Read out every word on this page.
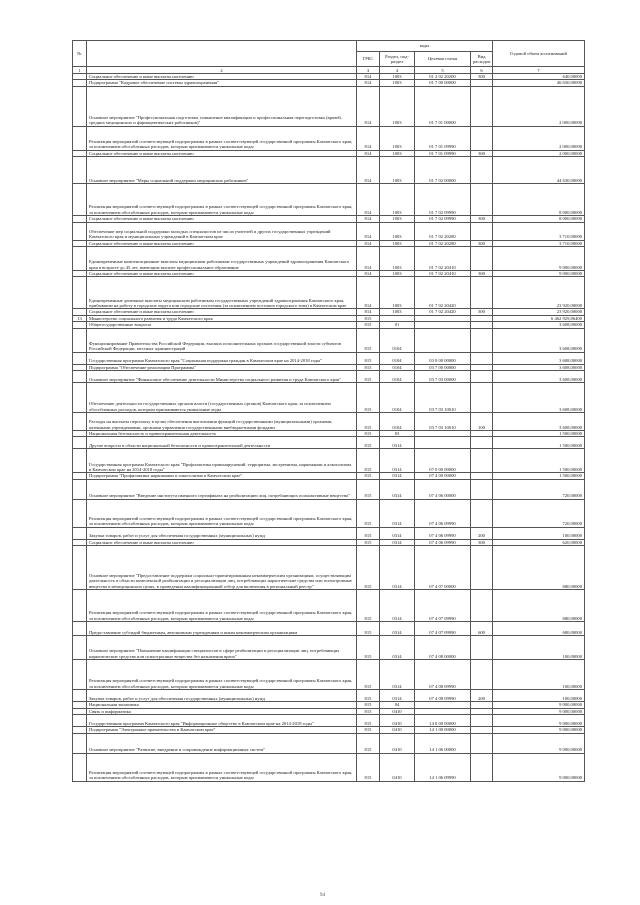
№		коды				Годовой объем ассигнований
		ГРБС	Раздел, под-раздел	Целевая статья	Вид расходов	
1	2	3	4	5	6	7
	Социальное обеспечение и иные выплаты населению	814	1003	01 2 02 20200	300	640,00000
	Подпрограмма "Кадровое обеспечение системы здравоохранения"	814	1003	01 7 00 00000		46 630,00000
	Основное мероприятие "Профессиональная подготовка, повышение квалификации и профессиональная переподготовка (врачей, средних медицинских и фармацевтических работников)"	814	1003	01 7 01 00000		2 000,00000
	Реализация мероприятий соответствующей подпрограммы в рамках соответствующей государственной программы Камчатского края, за исключением обособленных расходов, которым присваиваются уникальные коды	814	1003	01 7 01 09990		2 000,00000
	Социальное обеспечение и иные выплаты населению	814	1003	01 7 01 09990	300	2 000,00000
	Основное мероприятие "Меры социальной поддержки медицинских работников"	814	1003	01 7 02 00000		44 630,00000
	Реализация мероприятий соответствующей подпрограммы в рамках соответствующей государственной программы Камчатского края, за исключением обособленных расходов, которым присваиваются уникальные коды	814	1003	01 7 02 09990		8 000,00000
	Социальное обеспечение и иные выплаты населению	814	1003	01 7 02 09990	300	8 000,00000
	Обеспечение мер социальной поддержки молодых специалистов из числа учителей и других государственных учреждений Камчатского края и муниципальных учреждений в Камчатском крае	814	1003	01 7 02 20280		3 710,00000
	Социальное обеспечение и иные выплаты населению	814	1003	01 7 02 20280	300	3 710,00000
	Единовременные компенсационные выплаты медицинским работникам государственных учреждений здравоохранения Камчатского края в возрасте до 45 лет, имеющим высшее профессиональное образование	814	1003	01 7 02 20410		9 000,00000
	Социальное обеспечение и иные выплаты населению	814	1003	01 7 02 20410	300	9 000,00000
	Единовременные денежные выплаты медицинским работникам государственных учреждений здравоохранения Камчатского края, прибывшим на работу в городские округа или городские поселения (за исключением поселков городского типа) в Камчатском крае	814	1003	01 7 02 20420		23 920,00000
	Социальное обеспечение и иные выплаты населению	814	1003	01 7 02 20420	300	23 920,00000
13	Министерство социального развития и труда Камчатского края	815				6 462 929,86400
	Общегосударственные вопросы	815	01			3 608,00000
	Функционирование Правительства Российской Федерации, высших исполнительных органов государственной власти субъектов Российской Федерации, местных администраций	815	0104			3 608,00000
	Государственная программа Камчатского края "Социальная поддержка граждан в Камчатском крае на 2014-2018 годы"	815	0104	03 0 00 00000		3 608,00000
	Подпрограмма "Обеспечение реализации Программы"	815	0104	03 7 00 00000		3 608,00000
	Основное мероприятие "Финансовое обеспечение деятельности Министерства социального развития и труда Камчатского края"	815	0104	03 7 03 00000		3 608,00000
	Обеспечение деятельности государственных органов власти (государственных органов) Камчатского края, за исключением обособленных расходов, которым присваиваются уникальные коды	815	0104	03 7 03 10010		3 608,00000
	Расходы на выплаты персоналу в целях обеспечения выполнения функций государственными (муниципальными) органами, казенными учреждениями, органами управления государственными внебюджетными фондами	815	0104	03 7 03 10010	100	3 608,00000
	Национальная безопасность и правоохранительная деятельность	815	03			1 500,00000
	Другие вопросы в области национальной безопасности и правоохранительной деятельности	815	0314			1 500,00000
	Государственная программа Камчатского края "Профилактика правонарушений, терроризма, экстремизма, наркомании и алкоголизма в Камчатском крае на 2014-2018 годы"	815	0314	07 0 00 00000		1 500,00000
	Подпрограмма "Профилактика наркомании и алкоголизма в Камчатском крае"	815	0314	07 4 00 00000		1 500,00000
	Основное мероприятие "Введение института именного сертификата на реабилитацию лиц, потребляющих психоактивные вещества"	815	0314	07 4 06 00000		720,00000
	Реализация мероприятий соответствующей подпрограммы в рамках соответствующей государственной программы Камчатского края, за исключением обособленных расходов, которым присваиваются уникальные коды	815	0314	07 4 06 09990		720,00000
	Закупка товаров, работ и услуг для обеспечения государственных (муниципальных) нужд	815	0314	07 4 06 09990	200	100,00000
	Социальное обеспечение и иные выплаты населению	815	0314	07 4 06 09990	300	620,00000
	Основное мероприятие "Предоставление поддержки социально-ориентированным некоммерческим организациям, осуществляющим деятельность в области комплексной реабилитации и ресоциализации лиц, потребляющих наркотические средства или психотропные вещества в немедицинских целях, в проведении квалификационный отбор для включения в региональный реестр"	815	0314	07 4 07 00000		680,00000
	Реализация мероприятий соответствующей подпрограммы в рамках соответствующей государственной программы Камчатского края, за исключением обособленных расходов, которым присваиваются уникальные коды	815	0314	07 4 07 09990		680,00000
	Предоставление субсидий бюджетным, автономным учреждениям и иным некоммерческим организациям	815	0314	07 4 07 09990	600	680,00000
	Основное мероприятие "Повышение квалификации специалистов в сфере реабилитации и ресоциализации лиц, потребляющих наркотические средства или психотропные вещества без назначения врача"	815	0314	07 4 08 00000		100,00000
	Реализация мероприятий соответствующей подпрограммы в рамках соответствующей государственной программы Камчатского края, за исключением обособленных расходов, которым присваиваются уникальные коды	815	0314	07 4 08 09990		100,00000
	Закупка товаров, работ и услуг для обеспечения государственных (муниципальных) нужд	815	0314	07 4 08 09990	200	100,00000
	Национальная экономика	815	04			9 000,00000
	Связь и информатика	815	0410			9 000,00000
	Государственная программа Камчатского края "Информационное общество в Камчатском крае на 2014-2018 годы"	815	0410	14 0 00 00000		9 000,00000
	Подпрограмма "Электронное правительство в Камчатском крае"	815	0410	14 1 00 00000		9 000,00000
	Основное мероприятие "Развитие, внедрение и сопровождение информационных систем"	815	0410	14 1 06 00000		9 000,00000
	Реализация мероприятий соответствующей подпрограммы в рамках соответствующей государственной программы Камчатского края, за исключением обособленных расходов, которым присваиваются уникальные коды	815	0410	14 1 06 09990		9 000,00000
94
